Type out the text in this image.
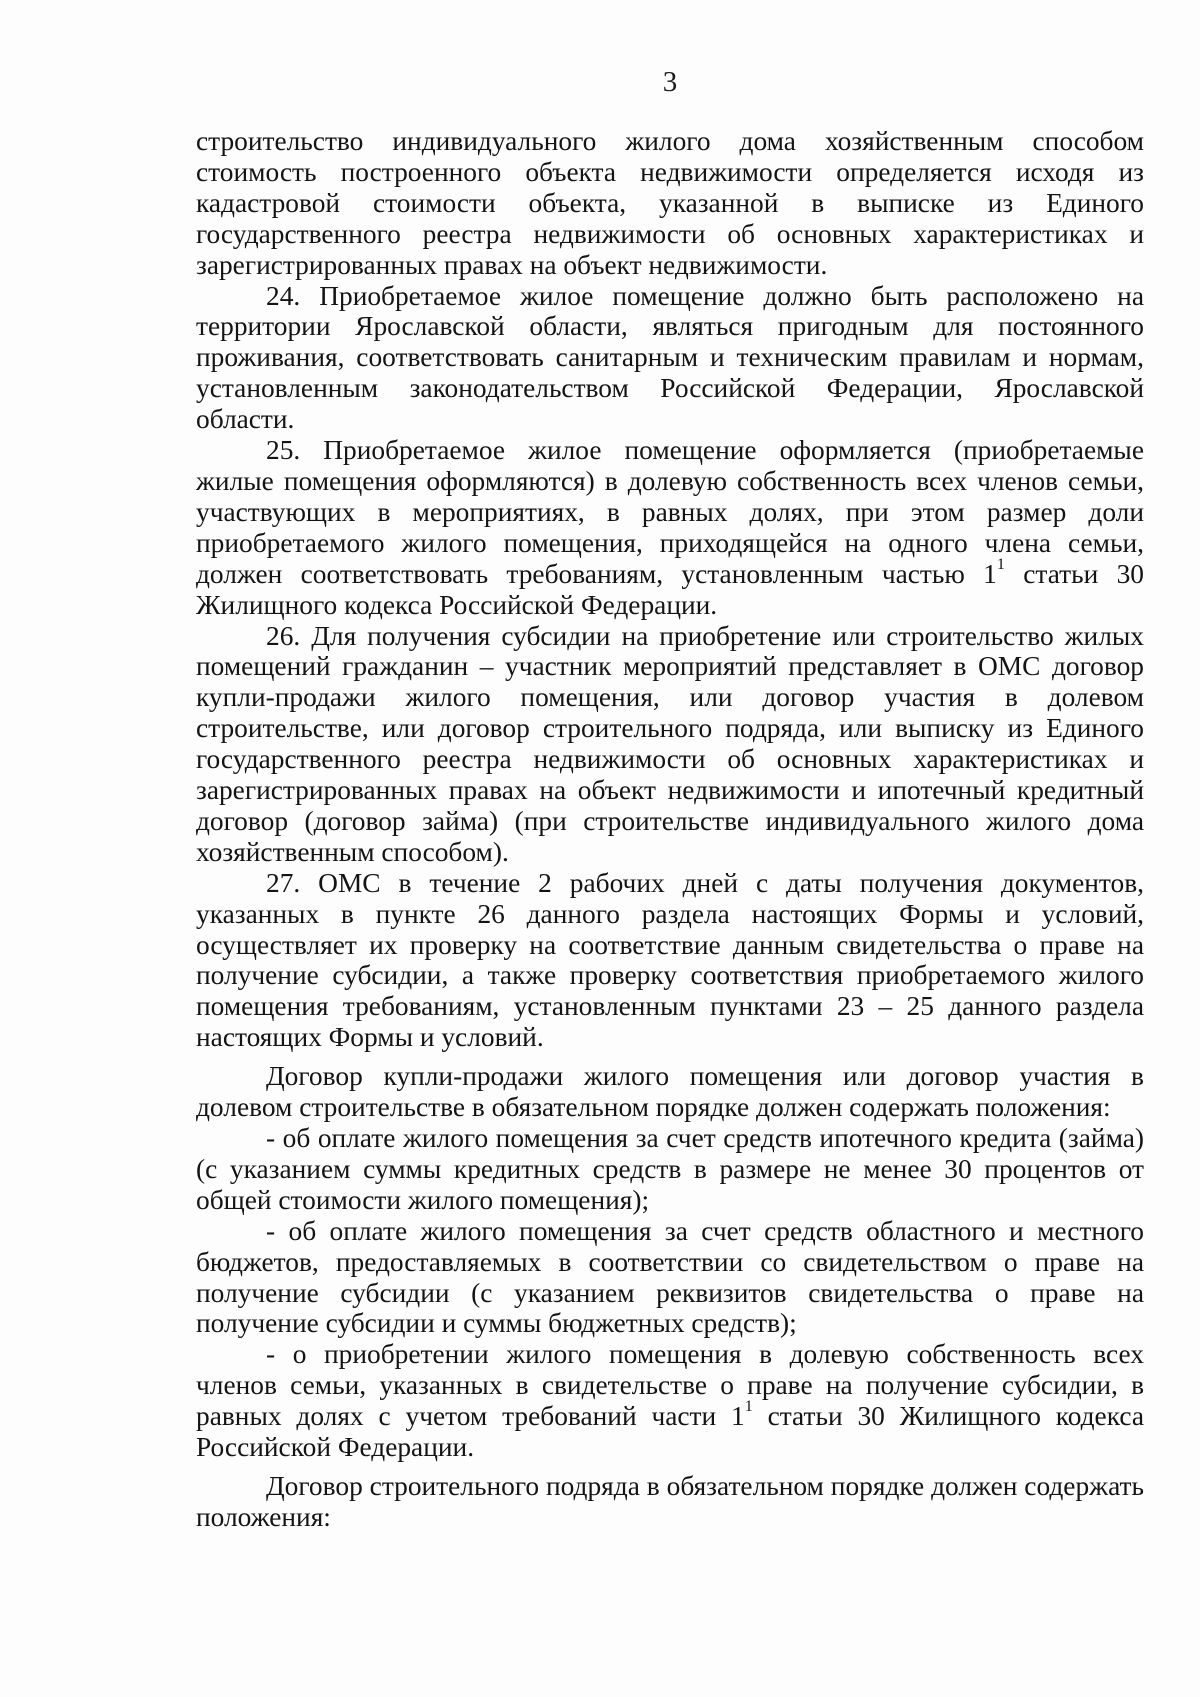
3

строительство индивидуального жилого дома хозяйственным способом стоимость построенного объекта недвижимости определяется исходя из кадастровой стоимости объекта, указанной в выписке из Единого государственного реестра недвижимости об основных характеристиках и зарегистрированных правах на объект недвижимости.

24. Приобретаемое жилое помещение должно быть расположено на территории Ярославской области, являться пригодным для постоянного проживания, соответствовать санитарным и техническим правилам и нормам, установленным законодательством Российской Федерации, Ярославской области.

25. Приобретаемое жилое помещение оформляется (приобретаемые жилые помещения оформляются) в долевую собственность всех членов семьи, участвующих в мероприятиях, в равных долях, при этом размер доли приобретаемого жилого помещения, приходящейся на одного члена семьи, должен соответствовать требованиям, установленным частью $1^1$ статьи 30 Жилищного кодекса Российской Федерации.

26. Для получения субсидии на приобретение или строительство жилых помещений гражданин – участник мероприятий представляет в ОМС договор купли-продажи жилого помещения, или договор участия в долевом строительстве, или договор строительного подряда, или выписку из Единого государственного реестра недвижимости об основных характеристиках и зарегистрированных правах на объект недвижимости и ипотечный кредитный договор (договор займа) (при строительстве индивидуального жилого дома хозяйственным способом).

27. ОМС в течение 2 рабочих дней с даты получения документов, указанных в пункте 26 данного раздела настоящих Формы и условий, осуществляет их проверку на соответствие данным свидетельства о праве на получение субсидии, а также проверку соответствия приобретаемого жилого помещения требованиям, установленным пунктами 23 – 25 данного раздела настоящих Формы и условий.

Договор купли-продажи жилого помещения или договор участия в долевом строительстве в обязательном порядке должен содержать положения:

- об оплате жилого помещения за счет средств ипотечного кредита (займа) (с указанием суммы кредитных средств в размере не менее 30 процентов от общей стоимости жилого помещения);

- об оплате жилого помещения за счет средств областного и местного бюджетов, предоставляемых в соответствии со свидетельством о праве на получение субсидии (с указанием реквизитов свидетельства о праве на получение субсидии и суммы бюджетных средств);

- о приобретении жилого помещения в долевую собственность всех членов семьи, указанных в свидетельстве о праве на получение субсидии, в равных долях с учетом требований части $1^1$ статьи 30 Жилищного кодекса Российской Федерации.

Договор строительного подряда в обязательном порядке должен содержать положения:
